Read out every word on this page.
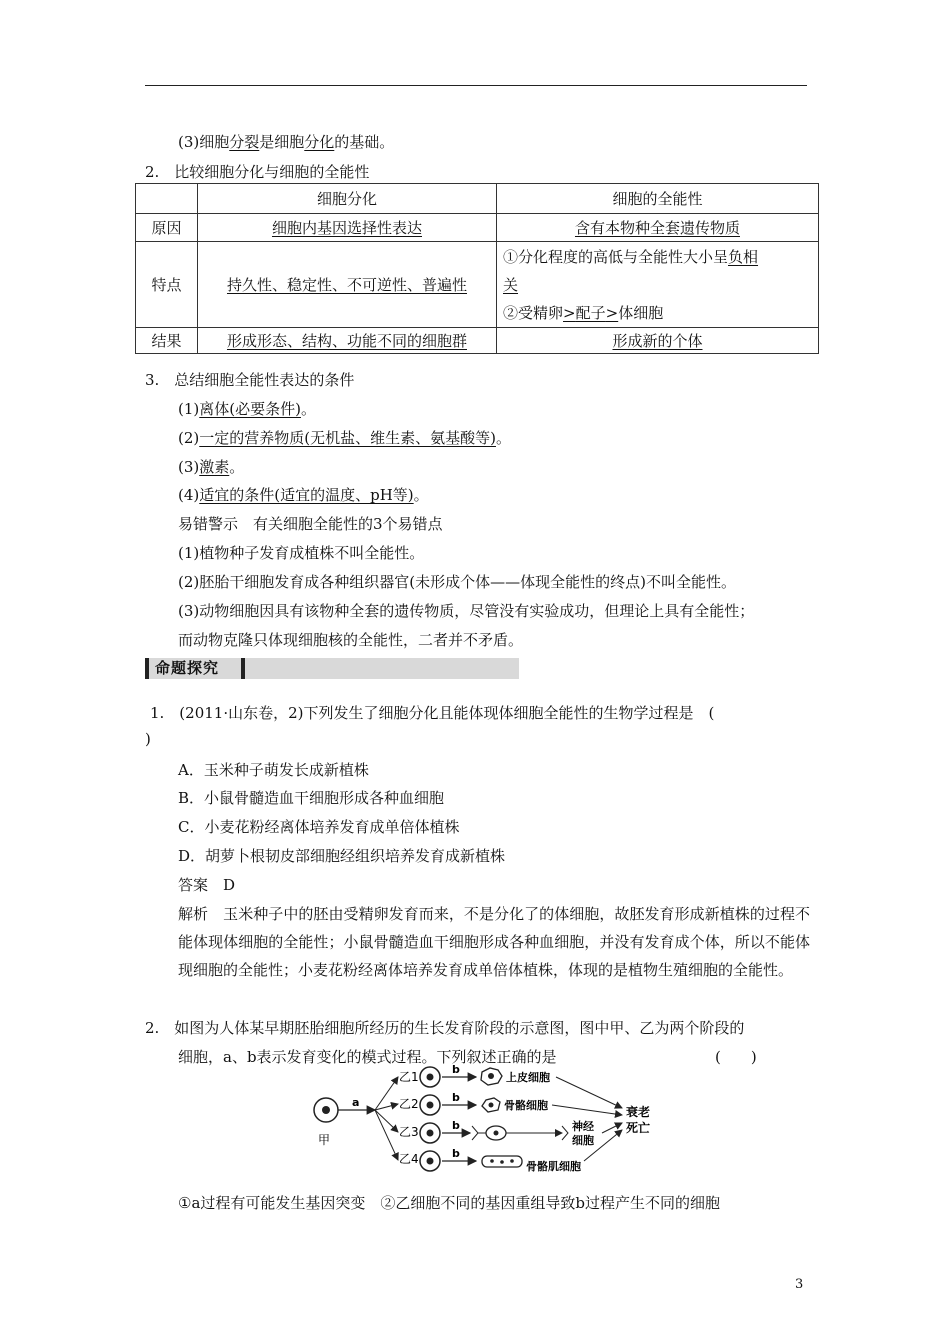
(3)细胞分裂是细胞分化的基础。
2.　比较细胞分化与细胞的全能性
	细胞分化	细胞的全能性
原因	细胞内基因选择性表达	含有本物种全套遗传物质
特点	持久性、稳定性、不可逆性、普遍性	①分化程度的高低与全能性大小呈负相
关
②受精卵>配子>体细胞

结果	形成形态、结构、功能不同的细胞群	形成新的个体
3.　总结细胞全能性表达的条件
(1)离体(必要条件)。
(2)一定的营养物质(无机盐、维生素、氨基酸等)。
(3)激素。
(4)适宜的条件(适宜的温度、pH等)。
易错警示　有关细胞全能性的3个易错点
(1)植物种子发育成植株不叫全能性。
(2)胚胎干细胞发育成各种组织器官(未形成个体——体现全能性的终点)不叫全能性。
(3)动物细胞因具有该物种全套的遗传物质，尽管没有实验成功，但理论上具有全能性；
而动物克隆只体现细胞核的全能性，二者并不矛盾。
命题探究
1.　(2011·山东卷，2)下列发生了细胞分化且能体现体细胞全能性的生物学过程是　(
)
A．玉米种子萌发长成新植株
B．小鼠骨髓造血干细胞形成各种血细胞
C．小麦花粉经离体培养发育成单倍体植株
D．胡萝卜根韧皮部细胞经组织培养发育成新植株
答案　D
解析　玉米种子中的胚由受精卵发育而来，不是分化了的体细胞，故胚发育形成新植株的过程不能体现体细胞的全能性；小鼠骨髓造血干细胞形成各种血细胞，并没有发育成个体，所以不能体现细胞的全能性；小麦花粉经离体培养发育成单倍体植株，体现的是植物生殖细胞的全能性。
2.　如图为人体某早期胚胎细胞所经历的生长发育阶段的示意图，图中甲、乙为两个阶段的
细胞，a、b表示发育变化的模式过程。下列叙述正确的是	(　　)
甲
a
乙1
乙2
乙3
乙4
b
b
b
b
上皮细胞
骨骼细胞
神经
细胞
骨骼肌细胞
衰老
死亡
①a过程有可能发生基因突变　②乙细胞不同的基因重组导致b过程产生不同的细胞
3
